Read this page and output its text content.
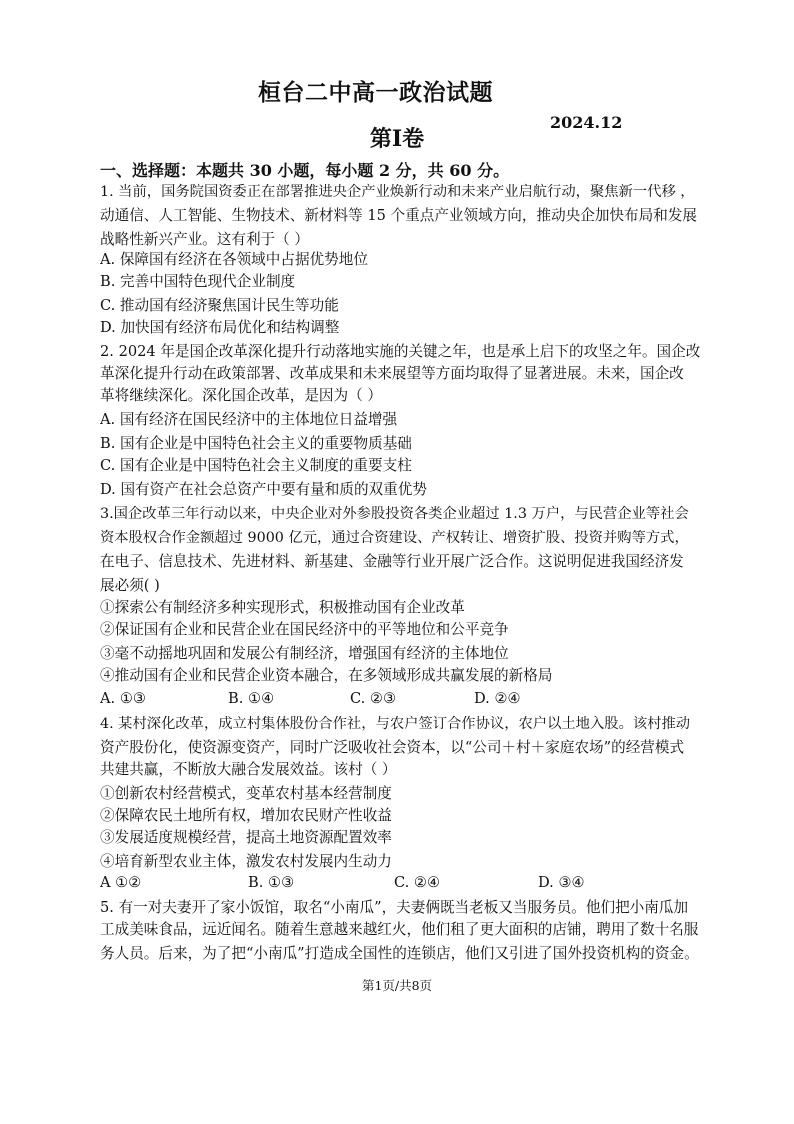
桓台二中高一政治试题
2024.12
第Ⅰ卷
一、选择题：本题共 30 小题，每小题 2 分，共 60 分。
1. 当前，国务院国资委正在部署推进央企产业焕新行动和未来产业启航行动，聚焦新一代移 ，
动通信、人工智能、生物技术、新材料等 15 个重点产业领域方向，推动央企加快布局和发展
战略性新兴产业。这有利于（ ）
A. 保障国有经济在各领域中占据优势地位
B. 完善中国特色现代企业制度
C. 推动国有经济聚焦国计民生等功能
D. 加快国有经济布局优化和结构调整
2. 2024 年是国企改革深化提升行动落地实施的关键之年，也是承上启下的攻坚之年。国企改
革深化提升行动在政策部署、改革成果和未来展望等方面均取得了显著进展。未来，国企改
革将继续深化。深化国企改革，是因为（ ）
A. 国有经济在国民经济中的主体地位日益增强
B. 国有企业是中国特色社会主义的重要物质基础
C. 国有企业是中国特色社会主义制度的重要支柱
D. 国有资产在社会总资产中要有量和质的双重优势
3.国企改革三年行动以来，中央企业对外参股投资各类企业超过 1.3 万户，与民营企业等社会
资本股权合作金额超过 9000 亿元，通过合资建设、产权转让、增资扩股、投资并购等方式，
在电子、信息技术、先进材料、新基建、金融等行业开展广泛合作。这说明促进我国经济发
展必须( )
①探索公有制经济多种实现形式，积极推动国有企业改革
②保证国有企业和民营企业在国民经济中的平等地位和公平竞争
③毫不动摇地巩固和发展公有制经济，增强国有经济的主体地位
④推动国有企业和民营企业资本融合，在多领域形成共赢发展的新格局
A. ①③	B. ①④	C. ②③	D. ②④
4. 某村深化改革，成立村集体股份合作社，与农户签订合作协议，农户以土地入股。该村推动
资产股份化，使资源变资产，同时广泛吸收社会资本，以“公司＋村＋家庭农场”的经营模式
共建共赢，不断放大融合发展效益。该村（ ）
①创新农村经营模式，变革农村基本经营制度
②保障农民土地所有权，增加农民财产性收益
③发展适度规模经营，提高土地资源配置效率
④培育新型农业主体，激发农村发展内生动力
A ①②	B. ①③	C. ②④	D. ③④
5. 有一对夫妻开了家小饭馆，取名“小南瓜”，夫妻俩既当老板又当服务员。他们把小南瓜加
工成美味食品，远近闻名。随着生意越来越红火，他们租了更大面积的店铺，聘用了数十名服
务人员。后来，为了把“小南瓜”打造成全国性的连锁店，他们又引进了国外投资机构的资金。
第1页/共8页
